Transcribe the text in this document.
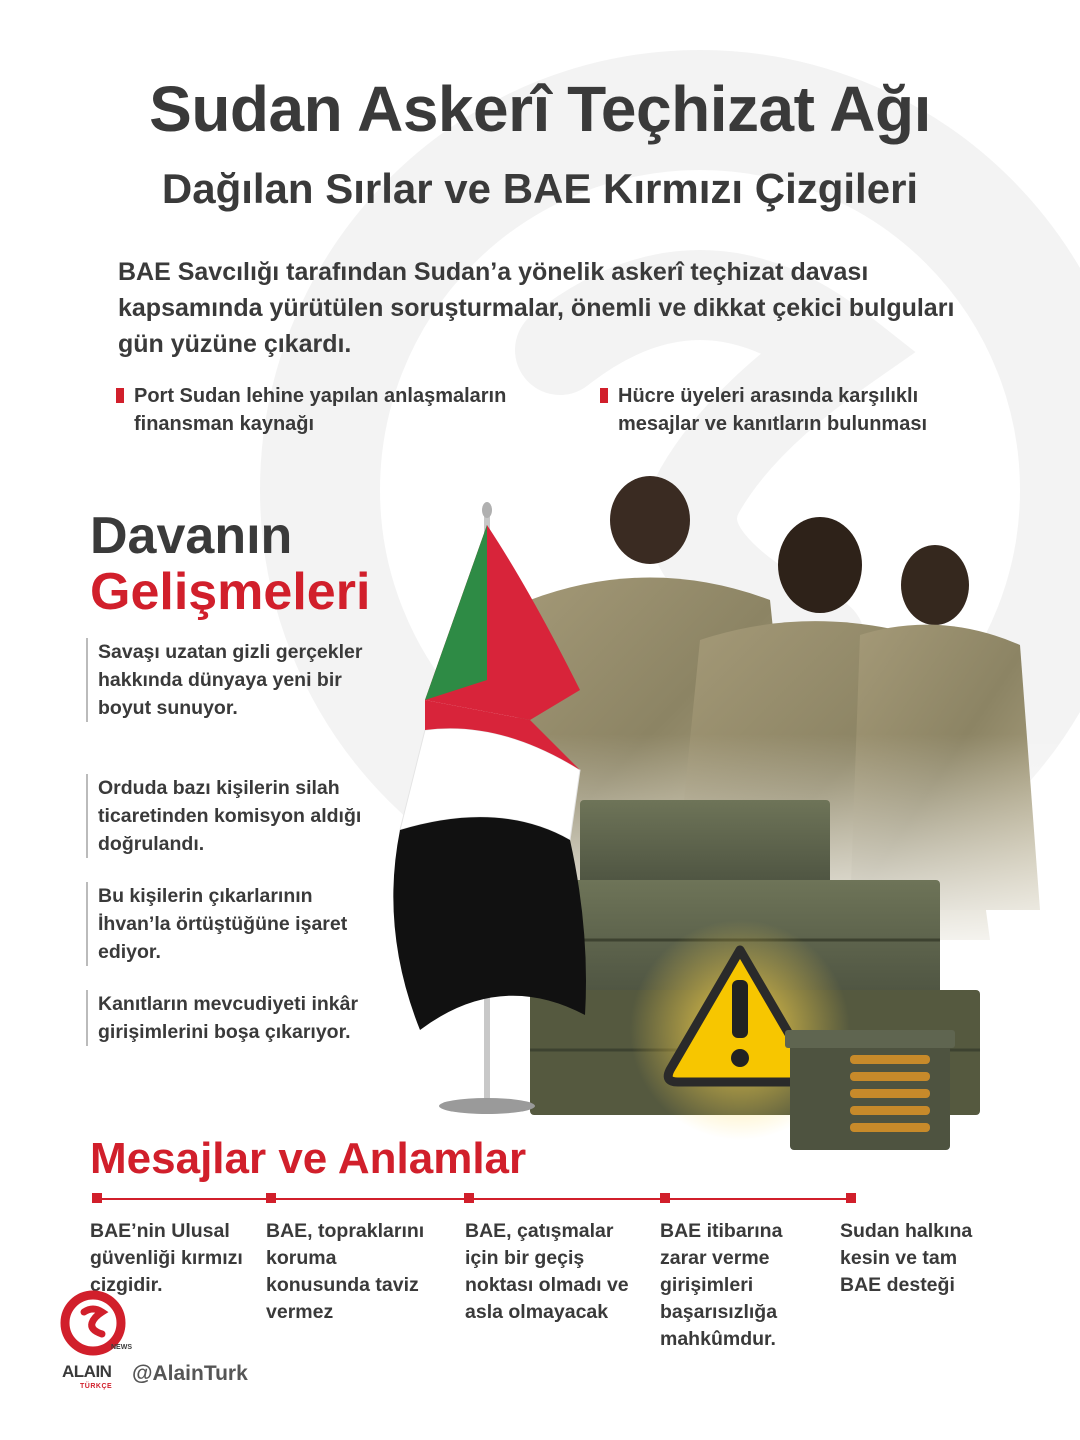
Sudan Askerî Teçhizat Ağı
Dağılan Sırlar ve BAE Kırmızı Çizgileri
BAE Savcılığı tarafından Sudan’a yönelik askerî teçhizat davası kapsamında yürütülen soruşturmalar, önemli ve dikkat çekici bulguları gün yüzüne çıkardı.
Port Sudan lehine yapılan anlaşmaların finansman kaynağı
Hücre üyeleri arasında karşılıklı mesajlar ve kanıtların bulunması
Davanın
Gelişmeleri
Savaşı uzatan gizli gerçekler hakkında dünyaya yeni bir boyut sunuyor.
Orduda bazı kişilerin silah ticaretinden komisyon aldığı doğrulandı.
Bu kişilerin çıkarlarının İhvan’la örtüştüğüne işaret ediyor.
Kanıtların mevcudiyeti inkâr girişimlerini boşa çıkarıyor.
Mesajlar ve Anlamlar
BAE’nin Ulusal güvenliği kırmızı çizgidir.
BAE, topraklarını koruma konusunda taviz vermez
BAE, çatışmalar için bir geçiş noktası olmadı ve asla olmayacak
BAE itibarına zarar verme girişimleri başarısızlığa mahkûmdur.
Sudan halkına kesin ve tam BAE desteği
NEWS
ALAIN
TÜRKÇE
@AlainTurk
